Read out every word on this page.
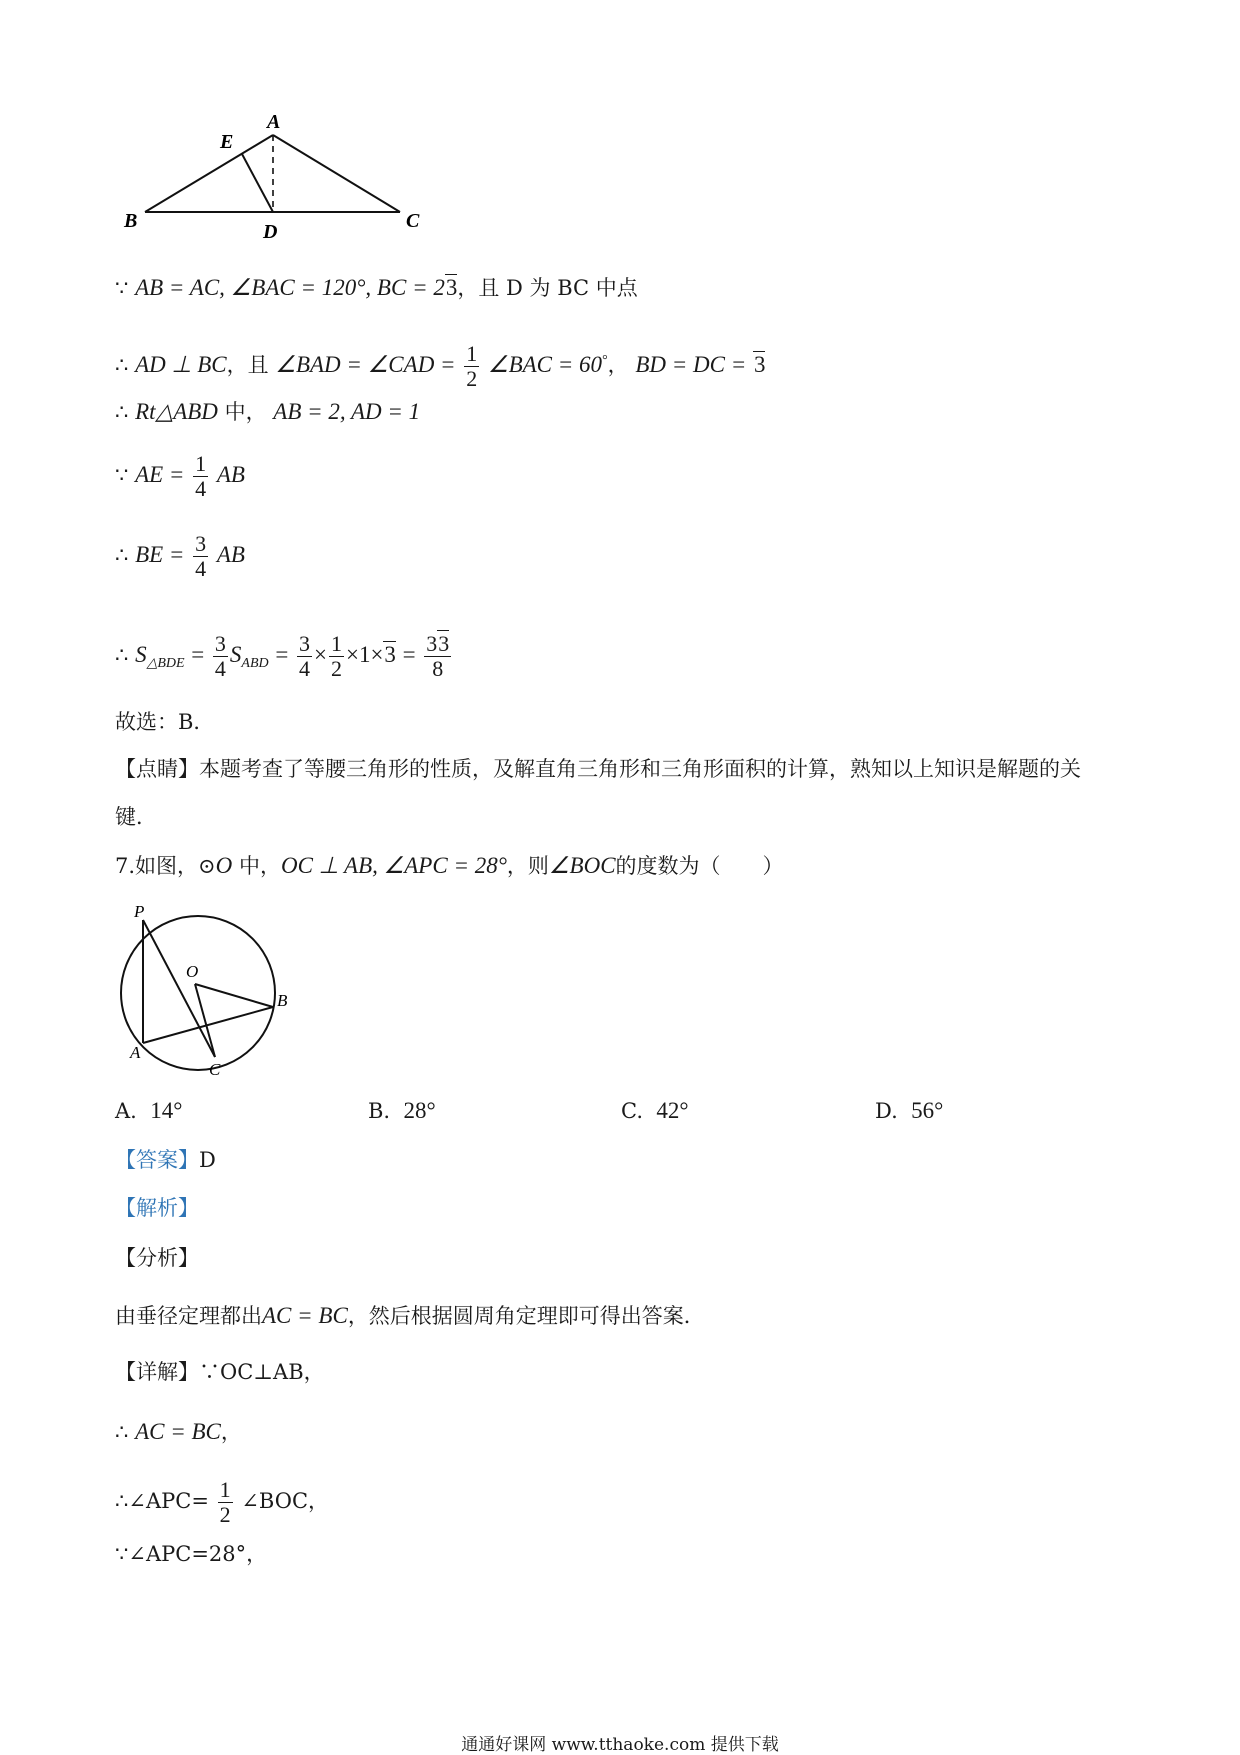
A
E
B	D	C
∵ AB = AC, ∠BAC = 120°, BC = 23，且 D 为 BC 中点
∴ AD ⊥ BC，且 ∠BAD = ∠CAD = $\frac{1}{2}$ ∠BAC = 60°， BD = DC = 3
∴ Rt△ABD 中， AB = 2, AD = 1
∵ AE = $\frac{1}{4}$ AB
∴ BE = $\frac{3}{4}$ AB
∴ $S_{\triangle BDE} = \frac{3}{4} S_{ABD} = \frac{3}{4} \times \frac{1}{2} \times 1\times 3 = \frac{33}{8}$
故选：B．
【点睛】本题考查了等腰三角形的性质，及解直角三角形和三角形面积的计算，熟知以上知识是解题的关
键．
7.如图，⊙O 中，OC ⊥ AB, ∠APC = 28°，则∠BOC的度数为（　　）
P
O
B
A
C
A. 14°	B. 28°	C. 42°	D. 56°
【答案】D
【解析】
【分析】
由垂径定理都出AC = BC，然后根据圆周角定理即可得出答案．
【详解】∵OC⊥AB，
∴ AC = BC，
∴∠APC= $\frac{1}{2}$ ∠BOC，
∵∠APC=28°，
通通好课网 www.tthaoke.com 提供下载
